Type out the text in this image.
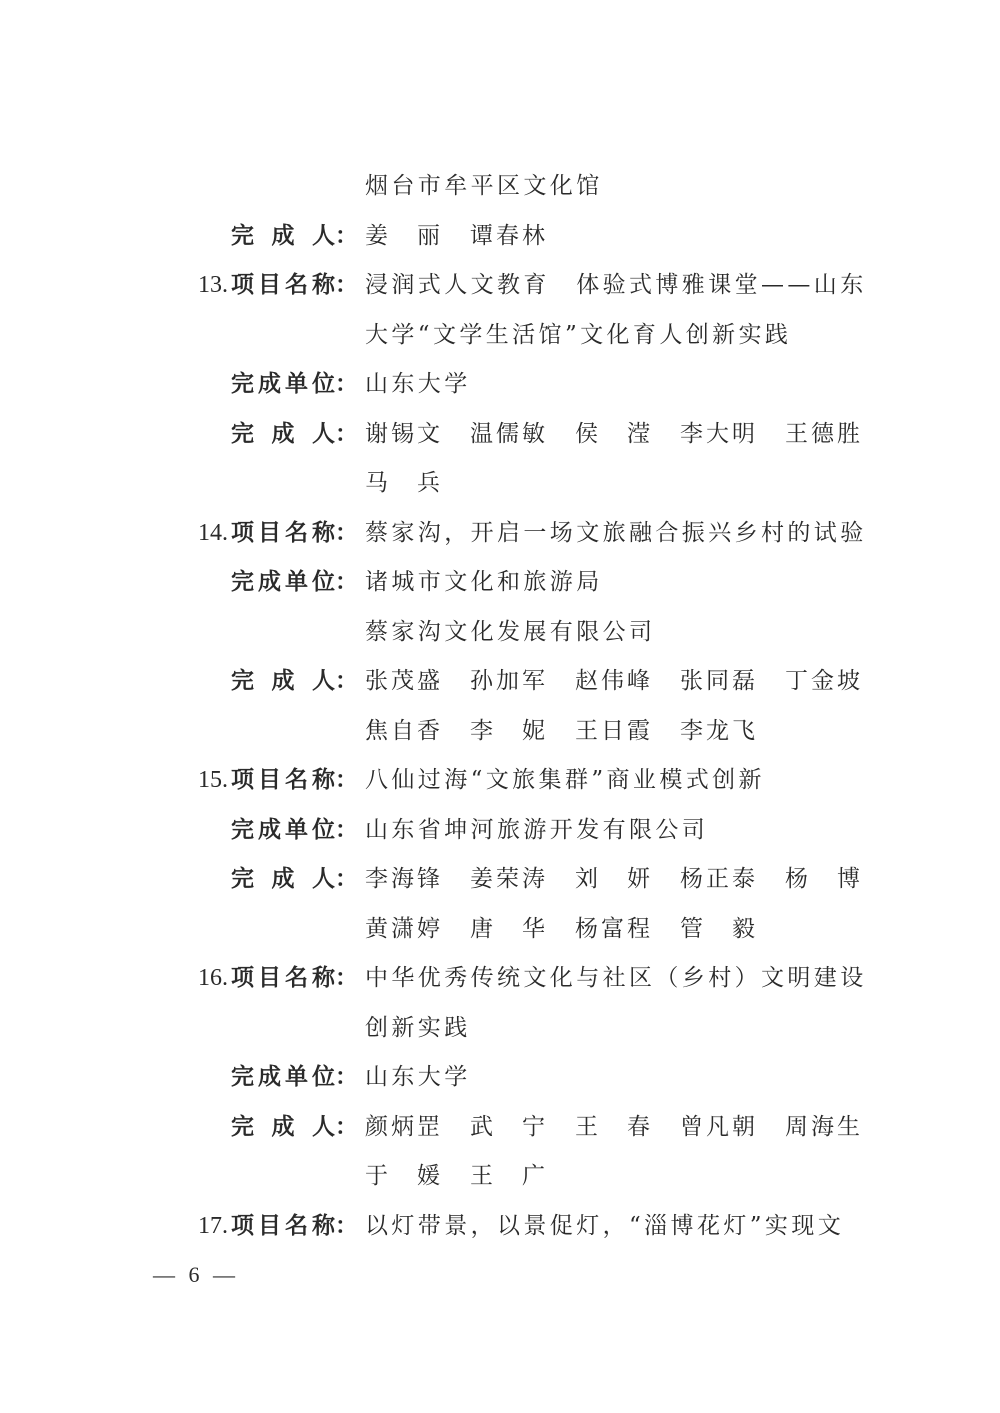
烟台市牟平区文化馆
完成人： 姜　丽 谭春林
13. 项目名称： 浸润式人文教育　体验式博雅课堂——山东
大学“文学生活馆”文化育人创新实践
完成单位： 山东大学
完成人： 谢锡文 温儒敏 侯　滢 李大明 王德胜
马　兵
14. 项目名称： 蔡家沟，开启一场文旅融合振兴乡村的试验
完成单位： 诸城市文化和旅游局
蔡家沟文化发展有限公司
完成人： 张茂盛 孙加军 赵伟峰 张同磊 丁金坡
焦自香 李　妮 王日霞 李龙飞
15. 项目名称： 八仙过海“文旅集群”商业模式创新
完成单位： 山东省坤河旅游开发有限公司
完成人： 李海锋 姜荣涛 刘　妍 杨正泰 杨　博
黄潇婷 唐　华 杨富程 管　毅
16. 项目名称： 中华优秀传统文化与社区（乡村）文明建设
创新实践
完成单位： 山东大学
完成人： 颜炳罡 武　宁 王　春 曾凡朝 周海生
于　媛 王　广
17. 项目名称： 以灯带景，以景促灯，“淄博花灯”实现文
— 6 —
